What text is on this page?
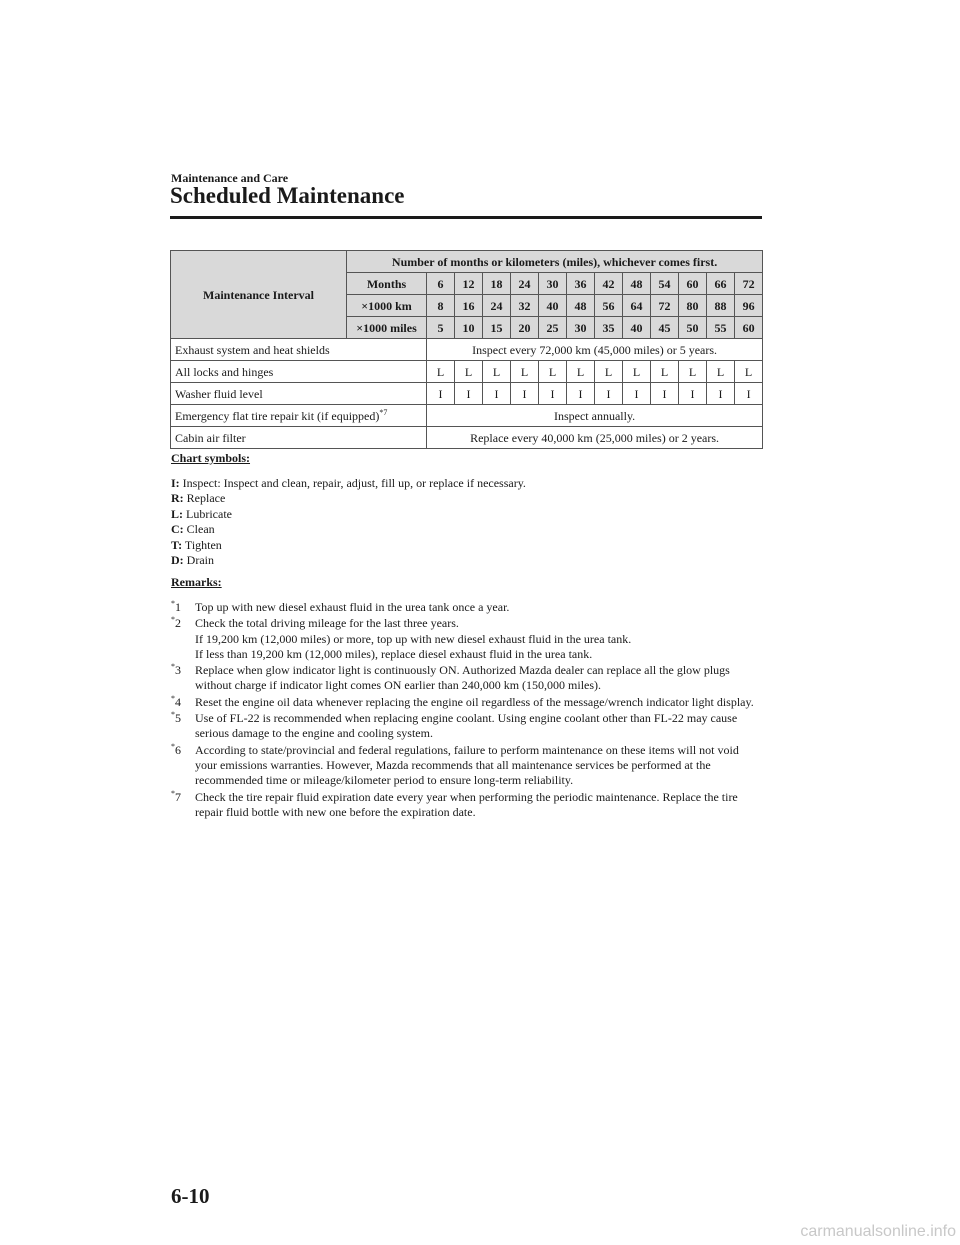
Maintenance and Care
Scheduled Maintenance
Maintenance Interval	Number of months or kilometers (miles), whichever comes first.												
	Months	6	12	18	24	30	36	42	48	54	60	66	72
	×1000 km	8	16	24	32	40	48	56	64	72	80	88	96
	×1000 miles	5	10	15	20	25	30	35	40	45	50	55	60
Exhaust system and heat shields		Inspect every 72,000 km (45,000 miles) or 5 years.											
All locks and hinges		L	L	L	L	L	L	L	L	L	L	L	L
Washer fluid level		I	I	I	I	I	I	I	I	I	I	I	I
Emergency flat tire repair kit (if equipped)$^{*7}$		Inspect annually.											
Cabin air filter		Replace every 40,000 km (25,000 miles) or 2 years.											
Chart symbols:
I: Inspect: Inspect and clean, repair, adjust, fill up, or replace if necessary.
R: Replace
L: Lubricate
C: Clean
T: Tighten
D: Drain
Remarks:
*1 Top up with new diesel exhaust fluid in the urea tank once a year.
*2 Check the total driving mileage for the last three years.
If 19,200 km (12,000 miles) or more, top up with new diesel exhaust fluid in the urea tank.
If less than 19,200 km (12,000 miles), replace diesel exhaust fluid in the urea tank.
*3 Replace when glow indicator light is continuously ON. Authorized Mazda dealer can replace all the glow plugs without charge if indicator light comes ON earlier than 240,000 km (150,000 miles).
*4 Reset the engine oil data whenever replacing the engine oil regardless of the message/wrench indicator light display.
*5 Use of FL-22 is recommended when replacing engine coolant. Using engine coolant other than FL-22 may cause serious damage to the engine and cooling system.
*6 According to state/provincial and federal regulations, failure to perform maintenance on these items will not void your emissions warranties. However, Mazda recommends that all maintenance services be performed at the recommended time or mileage/kilometer period to ensure long-term reliability.
*7 Check the tire repair fluid expiration date every year when performing the periodic maintenance. Replace the tire repair fluid bottle with new one before the expiration date.
6-10
carmanualsonline.info
